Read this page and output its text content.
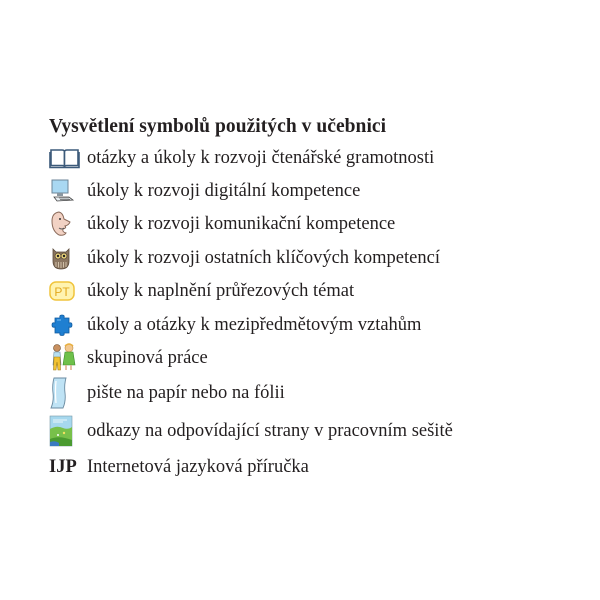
Vysvětlení symbolů použitých v učebnici
otázky a úkoly k rozvoji čtenářské gramotnosti
úkoly k rozvoji digitální kompetence
úkoly k rozvoji komunikační kompetence
úkoly k rozvoji ostatních klíčových kompetencí
PT úkoly k naplnění průřezových témat
úkoly a otázky k mezipředmětovým vztahům
skupinová práce
pište na papír nebo na fólii
odkazy na odpovídající strany v pracovním sešitě
IJP Internetová jazyková příručka
